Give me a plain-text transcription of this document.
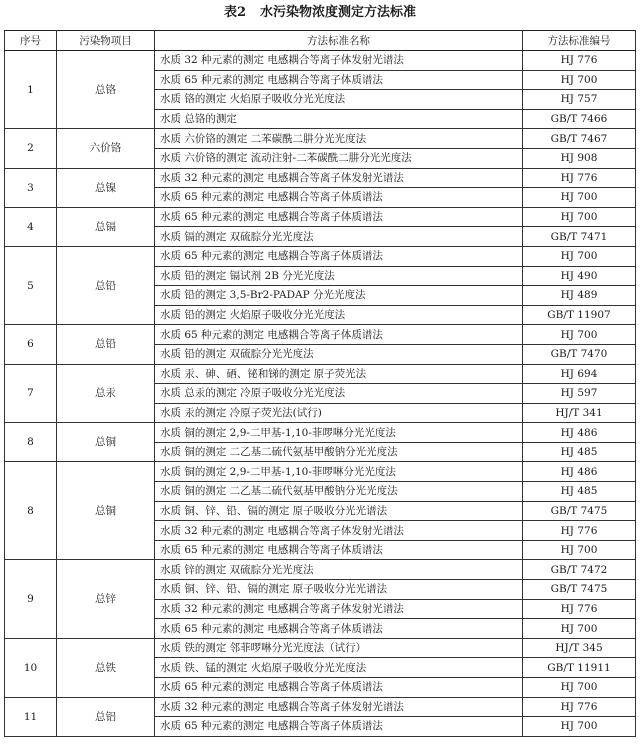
表2 水污染物浓度测定方法标准
序号	污染物项目	方法标准名称	方法标准编号
1	总铬	水质 32 种元素的测定 电感耦合等离子体发射光谱法	HJ 776
		水质 65 种元素的测定 电感耦合等离子体质谱法	HJ 700
		水质 铬的测定 火焰原子吸收分光光度法	HJ 757
		水质 总铬的测定	GB/T 7466
2	六价铬	水质 六价铬的测定 二苯碳酰二肼分光光度法	GB/T 7467
		水质 六价铬的测定 流动注射-二苯碳酰二肼分光光度法	HJ 908
3	总镍	水质 32 种元素的测定 电感耦合等离子体发射光谱法	HJ 776
		水质 65 种元素的测定 电感耦合等离子体质谱法	HJ 700
4	总镉	水质 65 种元素的测定 电感耦合等离子体质谱法	HJ 700
		水质 镉的测定 双硫腙分光光度法	GB/T 7471
5	总铅	水质 65 种元素的测定 电感耦合等离子体质谱法	HJ 700
		水质 铅的测定 镉试剂 2B 分光光度法	HJ 490
		水质 铅的测定 3,5-Br2-PADAP 分光光度法	HJ 489
		水质 铅的测定 火焰原子吸收分光光度法	GB/T 11907
6	总铅	水质 65 种元素的测定 电感耦合等离子体质谱法	HJ 700
		水质 铅的测定 双硫腙分光光度法	GB/T 7470
7	总汞	水质 汞、砷、硒、铋和锑的测定 原子荧光法	HJ 694
		水质 总汞的测定 冷原子吸收分光光度法	HJ 597
		水质 汞的测定 冷原子荧光法(试行)	HJ/T 341
8	总铜	水质 铜的测定 2,9-二甲基-1,10-菲啰啉分光光度法	HJ 486
		水质 铜的测定 二乙基二硫代氨基甲酸钠分光光度法	HJ 485
8	总铜	水质 铜的测定 2,9-二甲基-1,10-菲啰啉分光光度法	HJ 486
		水质 铜的测定 二乙基二硫代氨基甲酸钠分光光度法	HJ 485
		水质 铜、锌、铅、镉的测定 原子吸收分光光谱法	GB/T 7475
		水质 32 种元素的测定 电感耦合等离子体发射光谱法	HJ 776
		水质 65 种元素的测定 电感耦合等离子体质谱法	HJ 700
9	总锌	水质 锌的测定 双硫腙分光光度法	GB/T 7472
		水质 铜、锌、铅、镉的测定 原子吸收分光光谱法	GB/T 7475
		水质 32 种元素的测定 电感耦合等离子体发射光谱法	HJ 776
		水质 65 种元素的测定 电感耦合等离子体质谱法	HJ 700
10	总铁	水质 铁的测定 邻菲啰啉分光光度法（试行）	HJ/T 345
		水质 铁、锰的测定 火焰原子吸收分光光度法	GB/T 11911
		水质 65 种元素的测定 电感耦合等离子体质谱法	HJ 700
11	总铝	水质 32 种元素的测定 电感耦合等离子体发射光谱法	HJ 776
		水质 65 种元素的测定 电感耦合等离子体质谱法	HJ 700
